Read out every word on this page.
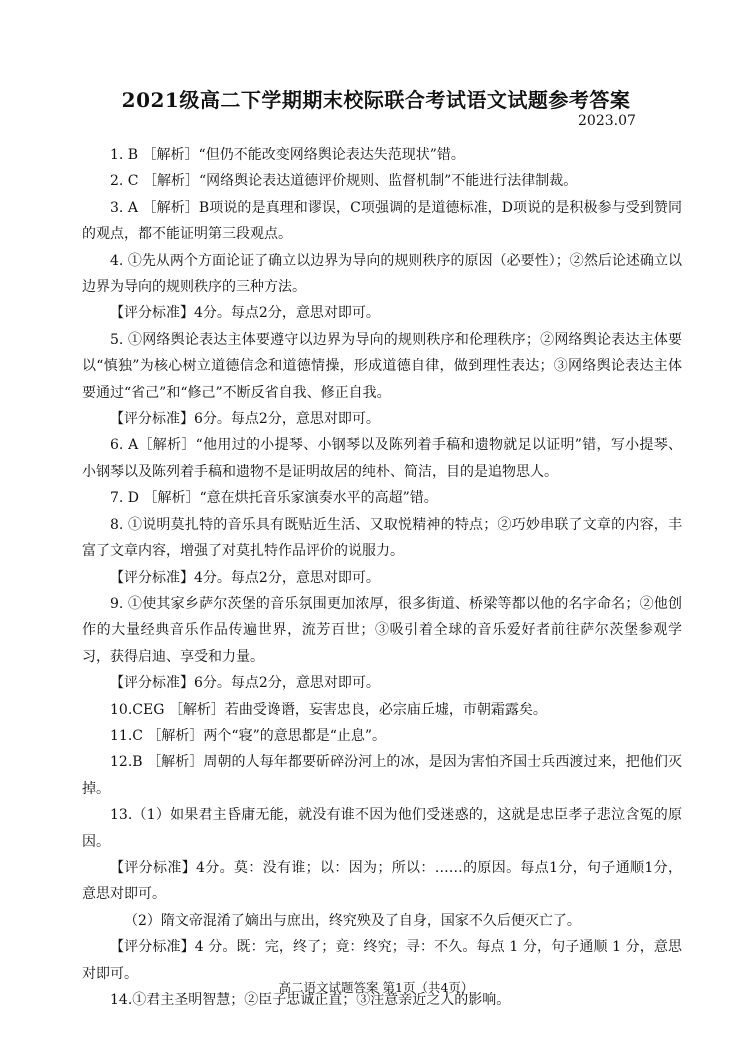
2021级高二下学期期末校际联合考试语文试题参考答案
2023.07

1. B ［解析］“但仍不能改变网络舆论表达失范现状”错。

2. C ［解析］“网络舆论表达道德评价规则、监督机制”不能进行法律制裁。

3. A ［解析］B项说的是真理和谬误，C项强调的是道德标准，D项说的是积极参与受到赞同的观点，都不能证明第三段观点。

4. ①先从两个方面论证了确立以边界为导向的规则秩序的原因（必要性）；②然后论述确立以边界为导向的规则秩序的三种方法。

【评分标准】4分。每点2分，意思对即可。

5. ①网络舆论表达主体要遵守以边界为导向的规则秩序和伦理秩序；②网络舆论表达主体要以“慎独”为核心树立道德信念和道德情操，形成道德自律，做到理性表达；③网络舆论表达主体要通过“省己”和“修己”不断反省自我、修正自我。

【评分标准】6分。每点2分，意思对即可。

6. A［解析］“他用过的小提琴、小钢琴以及陈列着手稿和遗物就足以证明”错，写小提琴、小钢琴以及陈列着手稿和遗物不是证明故居的纯朴、简洁，目的是追物思人。

7. D ［解析］“意在烘托音乐家演奏水平的高超”错。

8. ①说明莫扎特的音乐具有既贴近生活、又取悦精神的特点；②巧妙串联了文章的内容，丰富了文章内容，增强了对莫扎特作品评价的说服力。

【评分标准】4分。每点2分，意思对即可。

9. ①使其家乡萨尔茨堡的音乐氛围更加浓厚，很多街道、桥梁等都以他的名字命名；②他创作的大量经典音乐作品传遍世界，流芳百世；③吸引着全球的音乐爱好者前往萨尔茨堡参观学习，获得启迪、享受和力量。

【评分标准】6分。每点2分，意思对即可。

10.CEG ［解析］若曲受谗谮，妄害忠良，必宗庙丘墟，市朝霜露矣。

11.C ［解析］两个“寝”的意思都是“止息”。

12.B ［解析］周朝的人每年都要斫碎汾河上的冰，是因为害怕齐国士兵西渡过来，把他们灭掉。

13.（1）如果君主昏庸无能，就没有谁不因为他们受迷惑的，这就是忠臣孝子悲泣含冤的原因。

【评分标准】4分。莫：没有谁；以：因为；所以：……的原因。每点1分，句子通顺1分，意思对即可。

（2）隋文帝混淆了嫡出与庶出，终究殃及了自身，国家不久后便灭亡了。

【评分标准】4 分。既：完，终了；竟：终究；寻：不久。每点 1 分，句子通顺 1 分，意思对即可。

14.①君主圣明智慧；②臣子忠诚正直；③注意亲近之人的影响。

高二语文试题答案 第1页（共4页）
